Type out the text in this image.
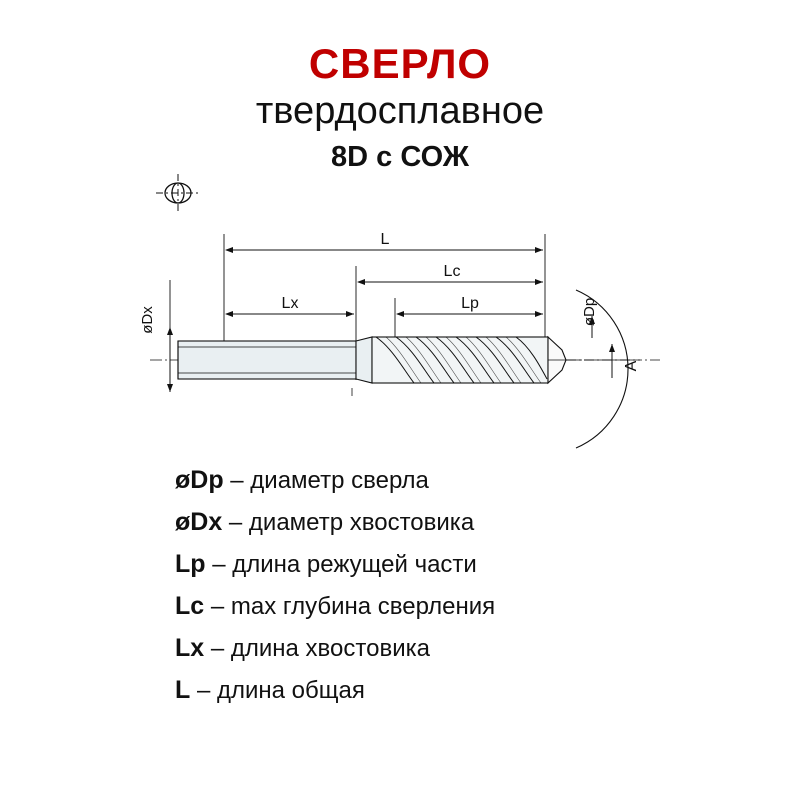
СВЕРЛО
твердосплавное
8D с СОЖ
L
Lc
Lx	Lp
øDx
A
øDp
øDp – диаметр сверла
øDx – диаметр хвостовика
Lp – длина режущей части
Lc – max глубина сверления
Lx – длина хвостовика
L – длина общая
